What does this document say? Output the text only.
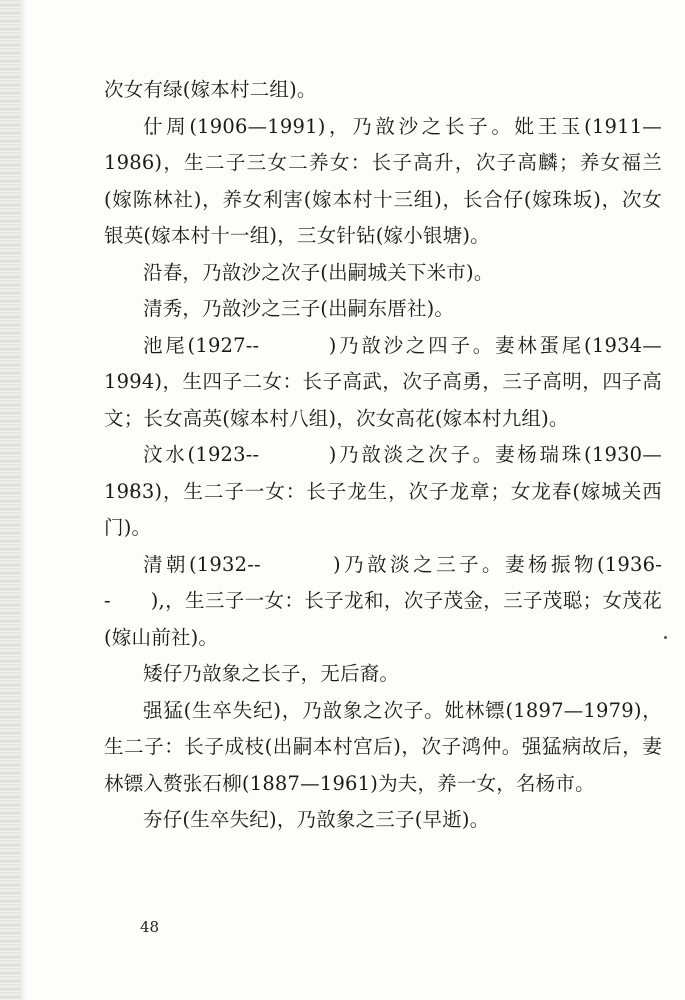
次女有绿(嫁本村二组)。

什周(1906—1991)，乃敨沙之长子。妣王玉(1911—1986)，生二子三女二养女：长子高升，次子高麟；养女福兰(嫁陈林社)，养女利害(嫁本村十三组)，长合仔(嫁珠坂)，次女银英(嫁本村十一组)，三女针钻(嫁小银塘)。

沿春，乃敨沙之次子(出嗣城关下米市)。

清秀，乃敨沙之三子(出嗣东厝社)。

池尾(1927--　　　)乃敨沙之四子。妻林蛋尾(1934—1994)，生四子二女：长子高武，次子高勇，三子高明，四子高文；长女高英(嫁本村八组)，次女高花(嫁本村九组)。

汶水(1923--　　　)乃敨淡之次子。妻杨瑞珠(1930—1983)，生二子一女：长子龙生，次子龙章；女龙春(嫁城关西门)。

清朝(1932--　　　)乃敨淡之三子。妻杨振物(1936--　　),，生三子一女：长子龙和，次子茂金，三子茂聪；女茂花(嫁山前社)。

矮仔乃敨象之长子，无后裔。

强猛(生卒失纪)，乃敨象之次子。妣林镖(1897—1979)，生二子：长子成枝(出嗣本村宫后)，次子鸿仲。强猛病故后，妻林镖入赘张石柳(1887—1961)为夫，养一女，名杨市。

夯仔(生卒失纪)，乃敨象之三子(早逝)。

48
